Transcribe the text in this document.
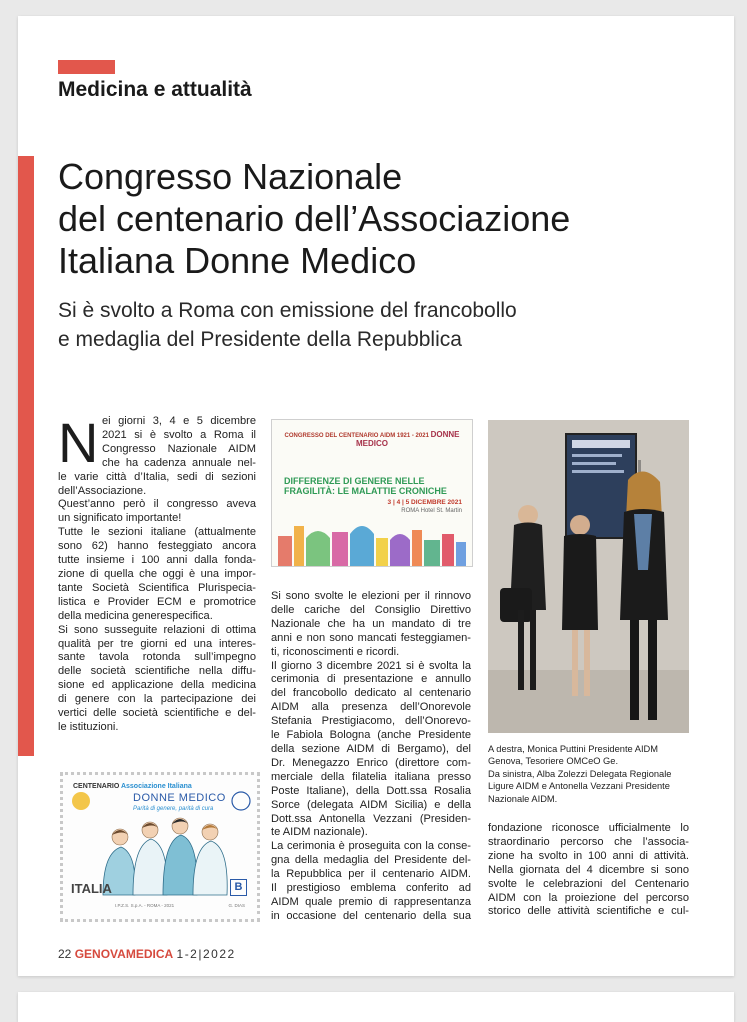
Medicina e attualità
Congresso Nazionale
del centenario dell’Associazione
Italiana Donne Medico
Si è svolto a Roma con emissione del francobollo
e medaglia del Presidente della Repubblica
N ei giorni 3, 4 e 5 dicembre
2021 si è svolto a Roma il
Congresso Nazionale AIDM
che ha cadenza annuale nel-
le varie città d’Italia, sedi di sezioni
dell’Associazione.
Quest’anno però il congresso aveva
un significato importante!
Tutte le sezioni italiane (attualmente
sono 62) hanno festeggiato ancora
tutte insieme i 100 anni dalla fonda-
zione di quella che oggi è una impor-
tante Società Scientifica Plurispecia-
listica e Provider ECM e promotrice
della medicina generespecifica.
Si sono susseguite relazioni di ottima
qualità per tre giorni ed una interes-
sante tavola rotonda sull’impegno
delle società scientifiche nella diffu-
sione ed applicazione della medicina
di genere con la partecipazione dei
vertici delle società scientifiche e del-
le istituzioni.
CENTENARIO Associazione Italiana
DONNE MEDICO
Parità di genere, parità di cura
ITALIA	B
I.P.Z.S. S.p.A. - ROMA - 2021	G. DIAS
CONGRESSO DEL CENTENARIO AIDM 1921 - 2021 DONNE MEDICO
DIFFERENZE DI GENERE NELLE FRAGILITÀ: LE MALATTIE CRONICHE
3 | 4 | 5 DICEMBRE 2021
ROMA Hotel St. Martin
Si sono svolte le elezioni per il rinnovo
delle cariche del Consiglio Direttivo
Nazionale che ha un mandato di tre
anni e non sono mancati festeggiamen-
ti, riconoscimenti e ricordi.
Il giorno 3 dicembre 2021 si è svolta la
cerimonia di presentazione e annullo
del francobollo dedicato al centenario
AIDM alla presenza dell’Onorevole
Stefania Prestigiacomo, dell’Onorevo-
le Fabiola Bologna (anche Presidente
della sezione AIDM di Bergamo), del
Dr. Menegazzo Enrico (direttore com-
merciale della filatelia italiana presso
Poste Italiane), della Dott.ssa Rosalia
Sorce (delegata AIDM Sicilia) e della
Dott.ssa Antonella Vezzani (Presiden-
te AIDM nazionale).
La cerimonia è proseguita con la conse-
gna della medaglia del Presidente del-
la Repubblica per il centenario AIDM.
Il prestigioso emblema conferito ad
AIDM quale premio di rappresentanza
in occasione del centenario della sua
A destra, Monica Puttini Presidente AIDM
Genova, Tesoriere OMCeO Ge.
Da sinistra, Alba Zolezzi Delegata Regionale
Ligure AIDM e Antonella Vezzani Presidente
Nazionale AIDM.
fondazione riconosce ufficialmente lo
straordinario percorso che l’associa-
zione ha svolto in 100 anni di attività.
Nella giornata del 4 dicembre si sono
svolte le celebrazioni del Centenario
AIDM con la proiezione del percorso
storico delle attività scientifiche e cul-
22 GENOVAMEDICA 1-2|2022
